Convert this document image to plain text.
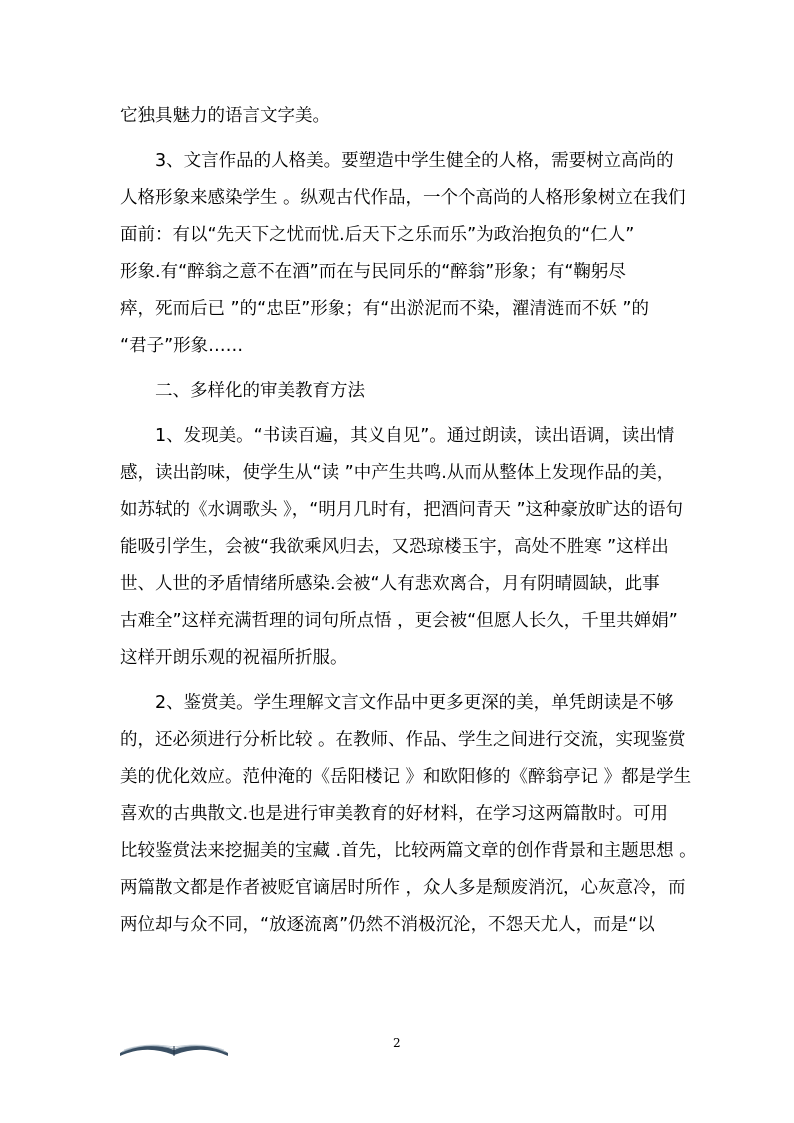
它独具魅力的语言文字美。
3、文言作品的人格美。要塑造中学生健全的人格，需要树立高尚的
人格形象来感染学生 。纵观古代作品，一个个高尚的人格形象树立在我们
面前：有以“先天下之忧而忧.后天下之乐而乐”为政治抱负的“仁人”
形象.有“醉翁之意不在酒”而在与民同乐的“醉翁”形象；有“鞠躬尽
瘁，死而后已 ”的“忠臣”形象；有“出淤泥而不染，濯清涟而不妖 ”的
“君子”形象……
二、多样化的审美教育方法
1、发现美。“书读百遍，其义自见”。通过朗读，读出语调，读出情
感，读出韵味，使学生从“读 ”中产生共鸣.从而从整体上发现作品的美，
如苏轼的《水调歌头 》，“明月几时有，把酒问青天 ”这种豪放旷达的语句
能吸引学生，会被“我欲乘风归去，又恐琼楼玉宇，高处不胜寒 ”这样出
世、人世的矛盾情绪所感染.会被“人有悲欢离合，月有阴晴圆缺，此事
古难全”这样充满哲理的词句所点悟 ，更会被“但愿人长久，千里共婵娟”
这样开朗乐观的祝福所折服。
2、鉴赏美。学生理解文言文作品中更多更深的美，单凭朗读是不够
的，还必须进行分析比较 。在教师、作品、学生之间进行交流，实现鉴赏
美的优化效应。范仲淹的《岳阳楼记 》和欧阳修的《醉翁亭记 》都是学生
喜欢的古典散文.也是进行审美教育的好材料，在学习这两篇散时。可用
比较鉴赏法来挖掘美的宝藏 .首先，比较两篇文章的创作背景和主题思想 。
两篇散文都是作者被贬官谪居时所作 ，众人多是颓废消沉，心灰意冷，而
两位却与众不同，“放逐流离”仍然不消极沉沦，不怨天尤人，而是“以
2
